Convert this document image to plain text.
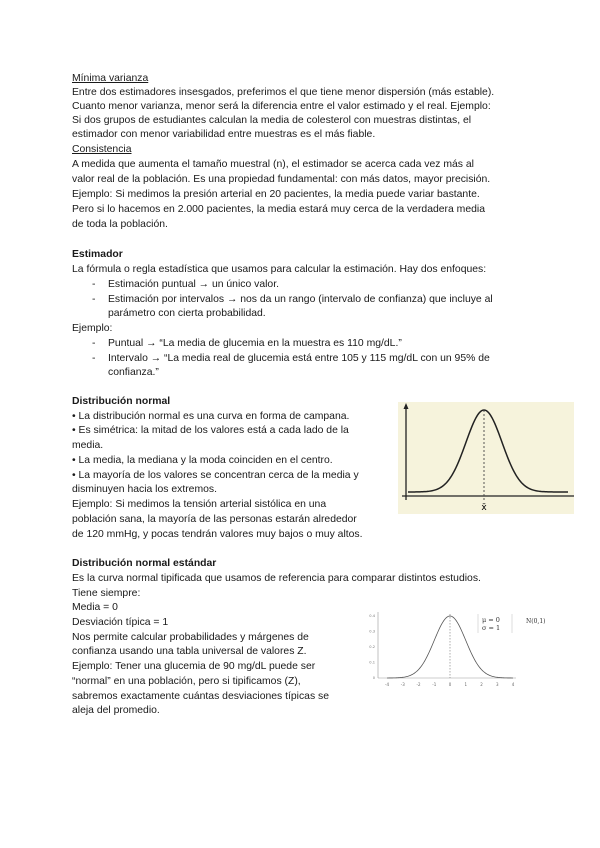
Mínima varianza
Entre dos estimadores insesgados, preferimos el que tiene menor dispersión (más estable).
Cuanto menor varianza, menor será la diferencia entre el valor estimado y el real. Ejemplo:
Si dos grupos de estudiantes calculan la media de colesterol con muestras distintas, el
estimador con menor variabilidad entre muestras es el más fiable.
Consistencia
A medida que aumenta el tamaño muestral (n), el estimador se acerca cada vez más al
valor real de la población. Es una propiedad fundamental: con más datos, mayor precisión.
Ejemplo: Si medimos la presión arterial en 20 pacientes, la media puede variar bastante.
Pero si lo hacemos en 2.000 pacientes, la media estará muy cerca de la verdadera media
de toda la población.
Estimador
La fórmula o regla estadística que usamos para calcular la estimación. Hay dos enfoques:
- Estimación puntual → un único valor.
- Estimación por intervalos → nos da un rango (intervalo de confianza) que incluye al
parámetro con cierta probabilidad.
Ejemplo:
- Puntual → “La media de glucemia en la muestra es 110 mg/dL.”
- Intervalo → “La media real de glucemia está entre 105 y 115 mg/dL con un 95% de
confianza.”
Distribución normal
• La distribución normal es una curva en forma de campana.
• Es simétrica: la mitad de los valores está a cada lado de la
media.
• La media, la mediana y la moda coinciden en el centro.
• La mayoría de los valores se concentran cerca de la media y
disminuyen hacia los extremos.
Ejemplo: Si medimos la tensión arterial sistólica en una
población sana, la mayoría de las personas estarán alrededor
de 120 mmHg, y pocas tendrán valores muy bajos o muy altos.
x̄
Distribución normal estándar
Es la curva normal tipificada que usamos de referencia para comparar distintos estudios.
Tiene siempre:
Media = 0
Desviación típica = 1
Nos permite calcular probabilidades y márgenes de
confianza usando una tabla universal de valores Z.
Ejemplo: Tener una glucemia de 90 mg/dL puede ser
“normal” en una población, pero si tipificamos (Z),
sabremos exactamente cuántas desviaciones típicas se
aleja del promedio.
0.4
0.3
0.2
0.1
0
-4	-3	-2	-1	0	1	2	3	4
μ = 0
σ = 1
N(0,1)
